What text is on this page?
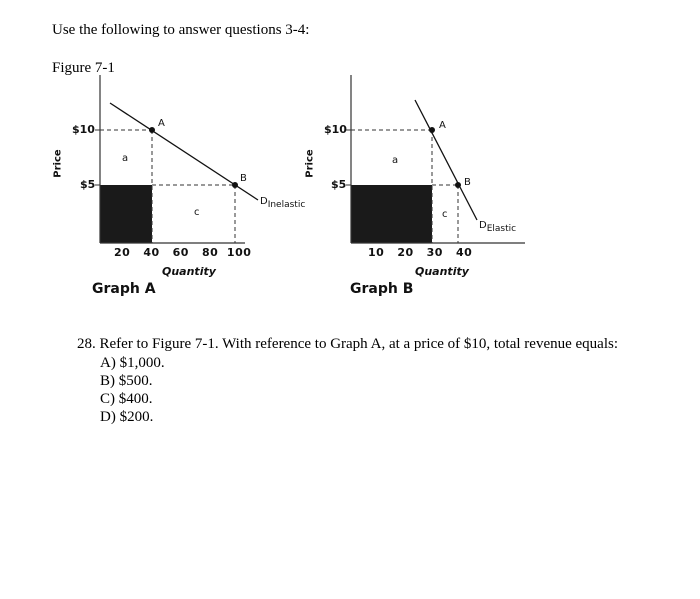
Use the following to answer questions 3-4:
Figure 7-1
Price
$10
$5
a
c
A
B
$D_{Inelastic}$
20 40 60 80 100
Quantity
Graph A
Price
$10
$5
a
c
A
B
$D_{Elastic}$
10 20 30 40
Quantity
Graph B
28. Refer to Figure 7-1. With reference to Graph A, at a price of $10, total revenue equals:
A) $1,000.
B) $500.
C) $400.
D) $200.
